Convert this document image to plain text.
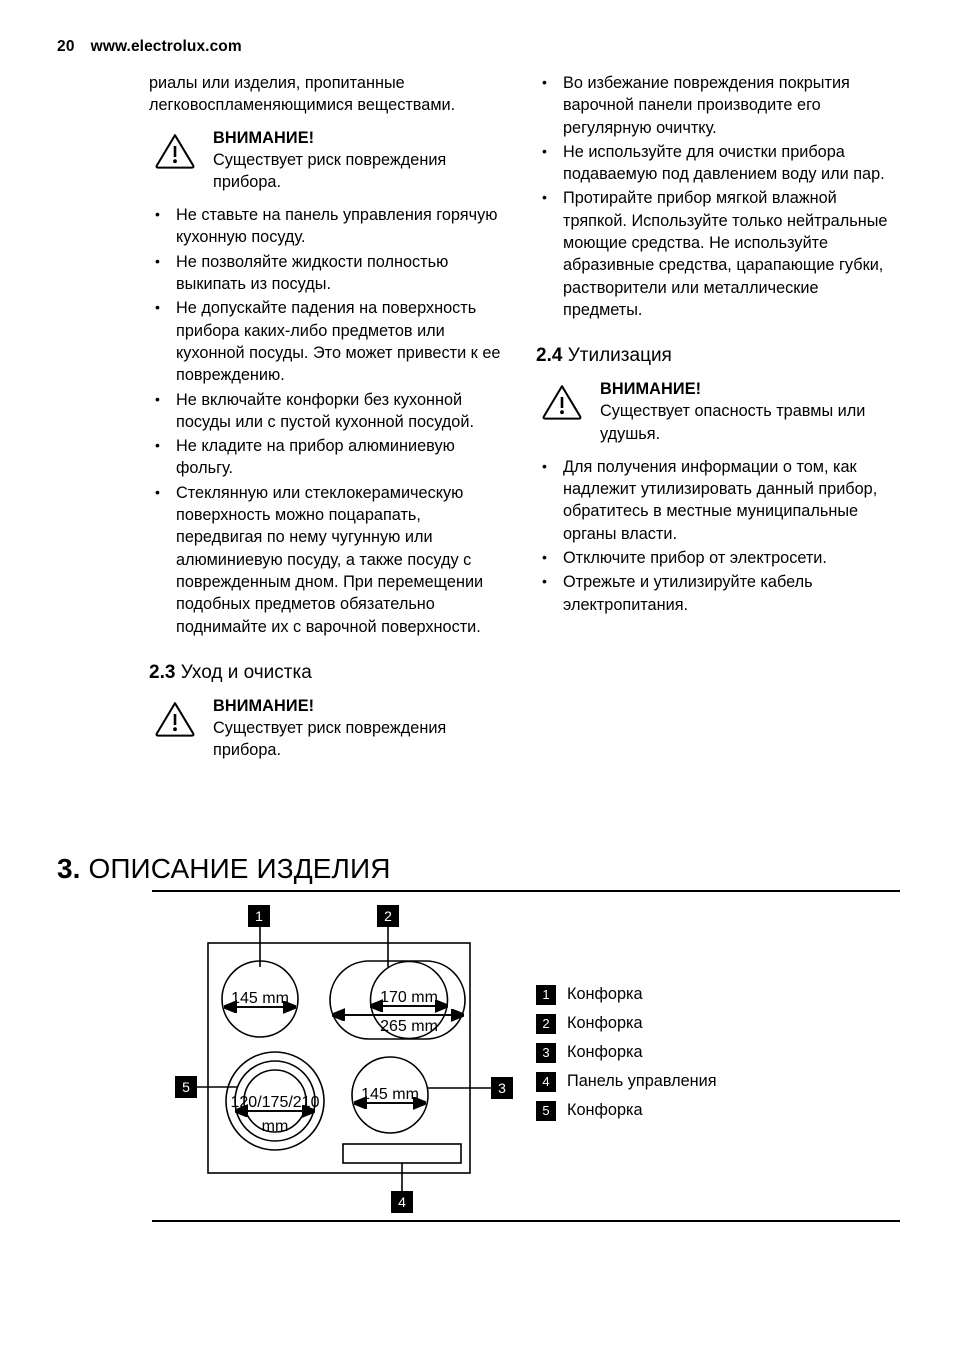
20 www.electrolux.com

риалы или изделия, пропитанные легковоспламеняющимися веществами.

ВНИМАНИЕ!
Существует риск повреждения прибора.
• Не ставьте на панель управления горячую кухонную посуду.
• Не позволяйте жидкости полностью выкипать из посуды.
• Не допускайте падения на поверхность прибора каких-либо предметов или кухонной посуды. Это может привести к ее повреждению.
• Не включайте конфорки без кухонной посуды или с пустой кухонной посудой.
• Не кладите на прибор алюминиевую фольгу.
• Стеклянную или стеклокерамическую поверхность можно поцарапать, передвигая по нему чугунную или алюминиевую посуду, а также посуду с поврежденным дном. При перемещении подобных предметов обязательно поднимайте их с варочной поверхности.
2.3 Уход и очистка
ВНИМАНИЕ!
Существует риск повреждения прибора.
• Во избежание повреждения покрытия варочной панели производите его регулярную очичтку.
• Не используйте для очистки прибора подаваемую под давлением воду или пар.
• Протирайте прибор мягкой влажной тряпкой. Используйте только нейтральные моющие средства. Не используйте абразивные средства, царапающие губки, растворители или металлические предметы.
2.4 Утилизация
ВНИМАНИЕ!
Существует опасность травмы или удушья.
• Для получения информации о том, как надлежит утилизировать данный прибор, обратитесь в местные муниципальные органы власти.
• Отключите прибор от электросети.
• Отрежьте и утилизируйте кабель электропитания.
3. ОПИСАНИЕ ИЗДЕЛИЯ
145 mm	170 mm
265 mm
145 mm
120/175/210
mm
1	2
3
4
5
1	Конфорка
2	Конфорка
3	Конфорка
4	Панель управления
5	Конфорка
